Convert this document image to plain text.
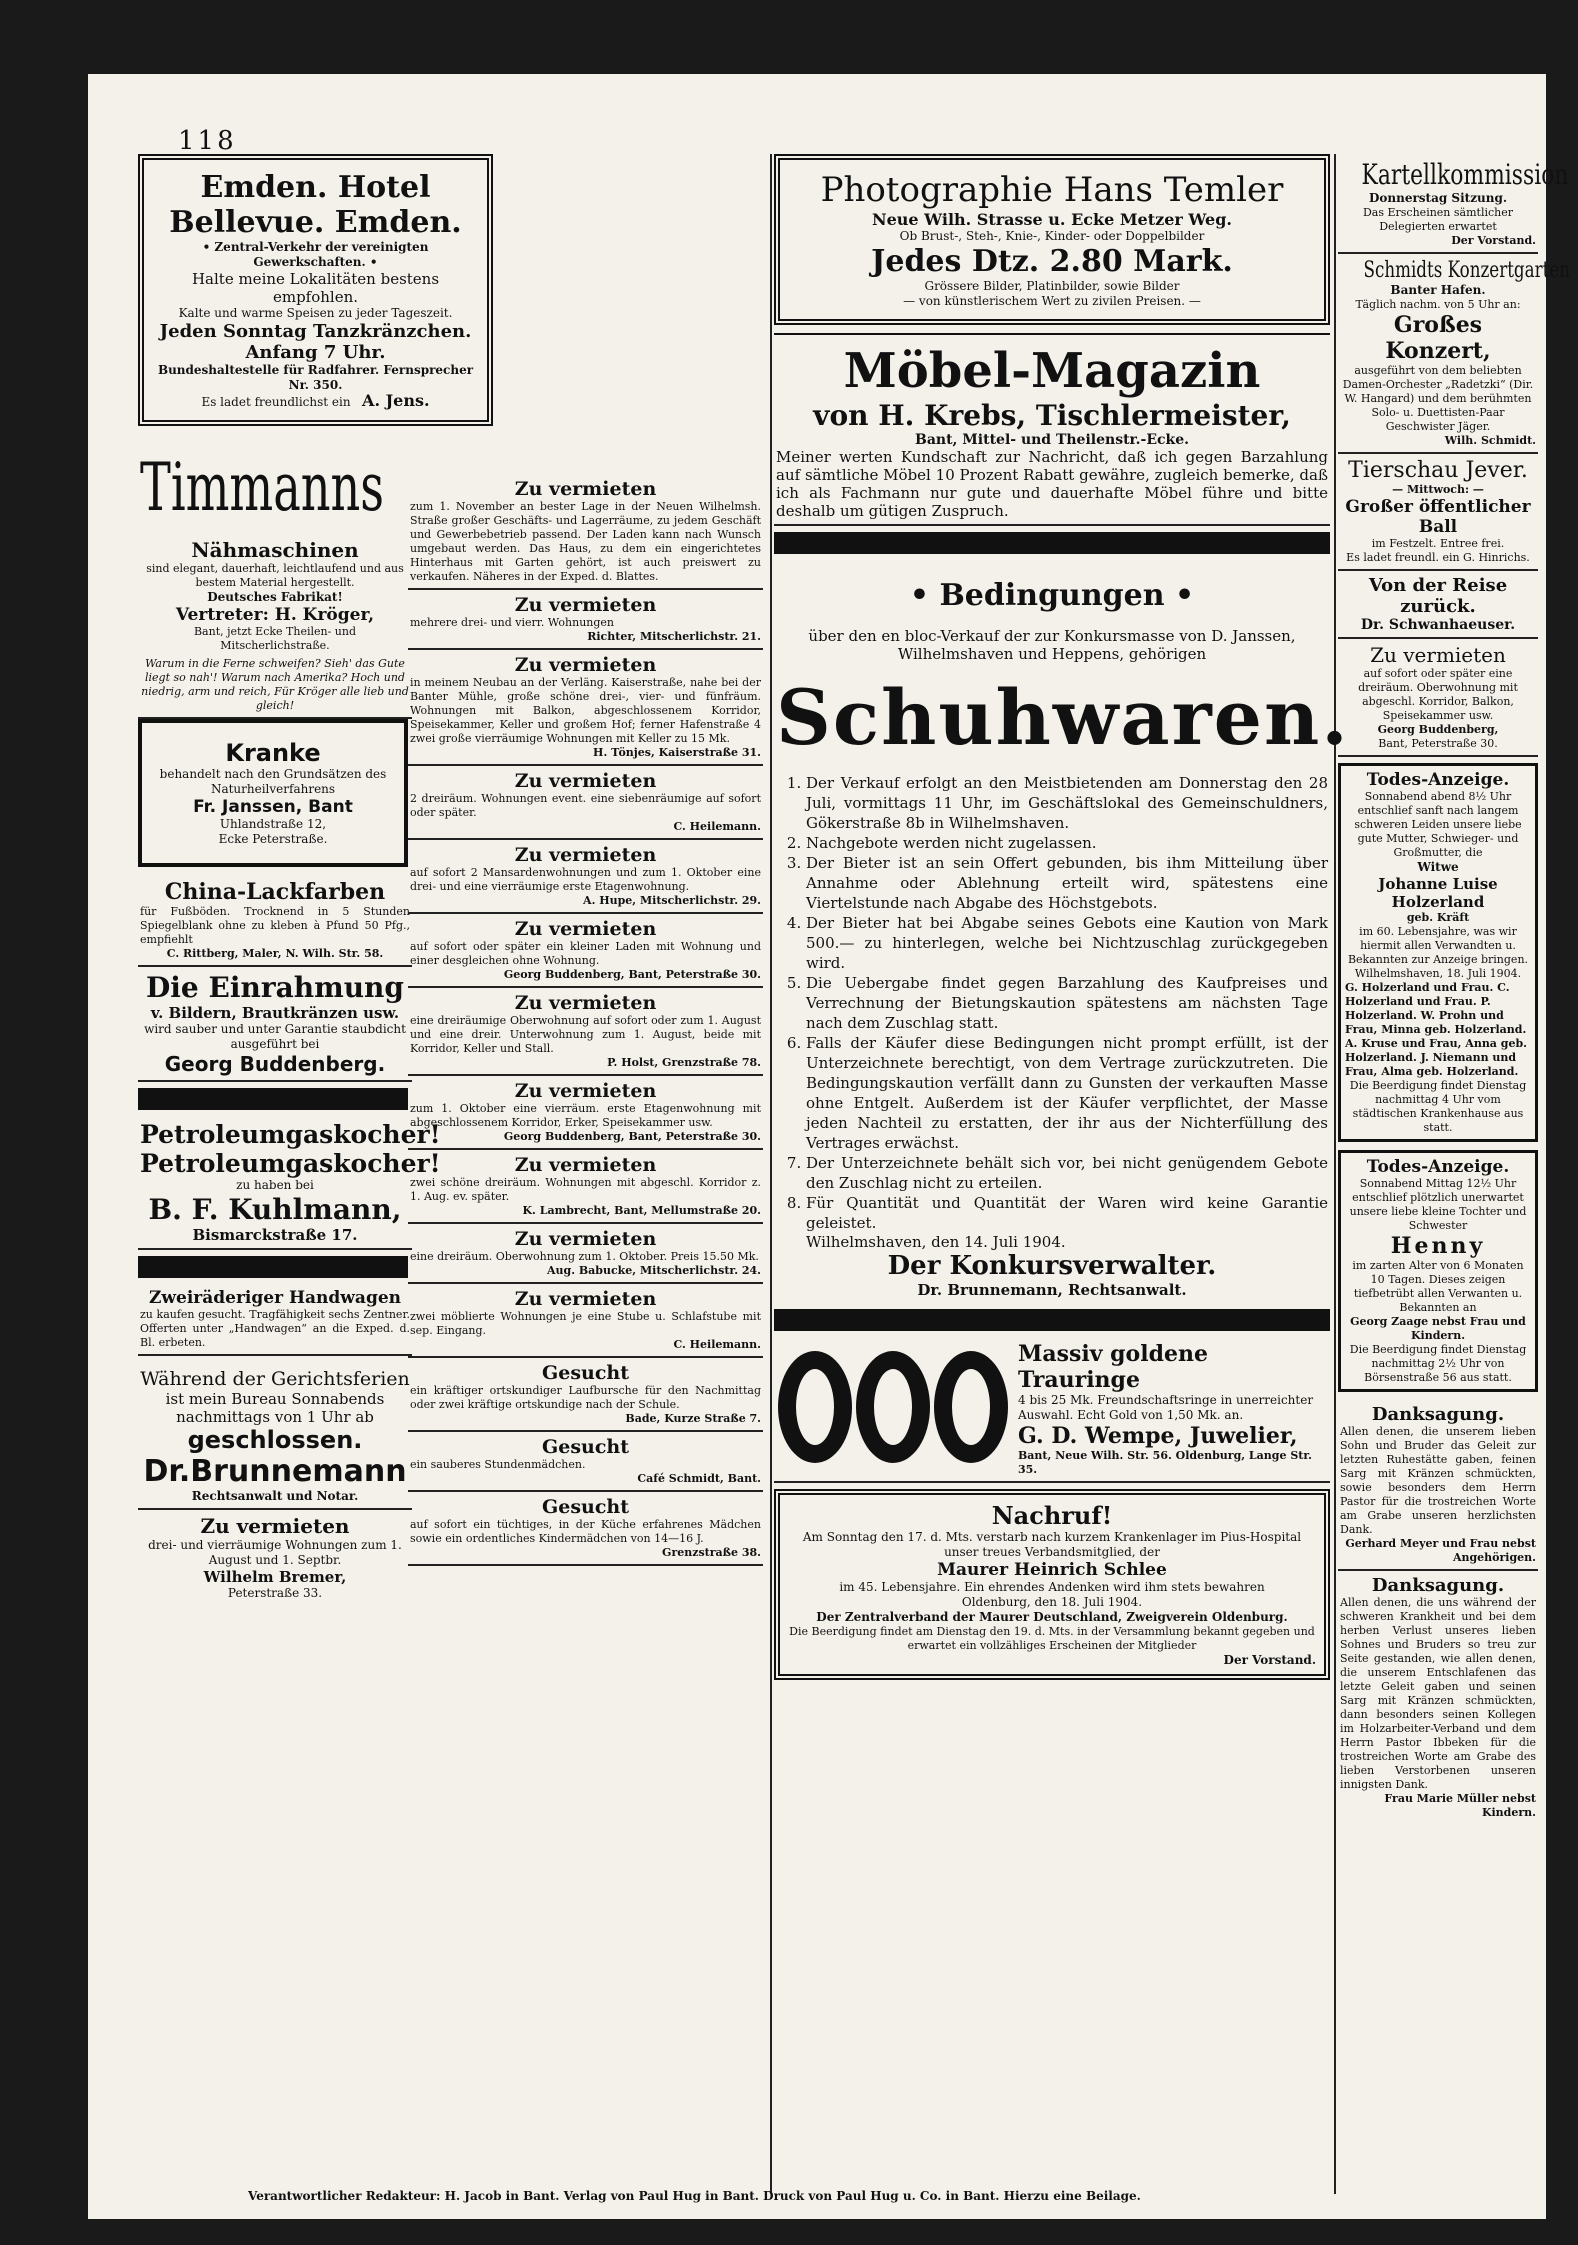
118
Emden. Hotel Bellevue. Emden.
• Zentral-Verkehr der vereinigten Gewerkschaften. •
Halte meine Lokalitäten bestens empfohlen.
Kalte und warme Speisen zu jeder Tageszeit.
Jeden Sonntag Tanzkränzchen. Anfang 7 Uhr.
Bundeshaltestelle für Radfahrer. Fernsprecher Nr. 350.
Es ladet freundlichst ein A. Jens.
Timmanns
Nähmaschinen
sind elegant, dauerhaft, leichtlaufend und aus bestem Material hergestellt.
Deutsches Fabrikat!
Vertreter: H. Kröger,
Bant, jetzt Ecke Theilen- und Mitscherlichstraße.
Warum in die Ferne schweifen? Sieh' das Gute liegt so nah'! Warum nach Amerika? Hoch und niedrig, arm und reich, Für Kröger alle lieb und gleich!
Kranke
behandelt nach den Grundsätzen des Naturheilverfahrens
Fr. Janssen, Bant
Uhlandstraße 12,
Ecke Peterstraße.
China-Lackfarben
für Fußböden. Trocknend in 5 Stunden Spiegelblank ohne zu kleben à Pfund 50 Pfg., empfiehlt
C. Rittberg, Maler, N. Wilh. Str. 58.
Die Einrahmung
v. Bildern, Brautkränzen usw.
wird sauber und unter Garantie staubdicht ausgeführt bei
Georg Buddenberg.
Petroleumgaskocher!
Petroleumgaskocher!
zu haben bei
B. F. Kuhlmann,
Bismarckstraße 17.
Zweiräderiger Handwagen
zu kaufen gesucht. Tragfähigkeit sechs Zentner. Offerten unter „Handwagen“ an die Exped. d. Bl. erbeten.
Während der Gerichtsferien
ist mein Bureau Sonnabends nachmittags von 1 Uhr ab
geschlossen.
Dr.Brunnemann
Rechtsanwalt und Notar.
Zu vermieten
drei- und vierräumige Wohnungen zum 1. August und 1. Septbr.
Wilhelm Bremer,
Peterstraße 33.
Zu vermieten
zum 1. November an bester Lage in der Neuen Wilhelmsh. Straße großer Geschäfts- und Lagerräume, zu jedem Geschäft und Gewerbebetrieb passend. Der Laden kann nach Wunsch umgebaut werden. Das Haus, zu dem ein eingerichtetes Hinterhaus mit Garten gehört, ist auch preiswert zu verkaufen. Näheres in der Exped. d. Blattes.
Zu vermieten
mehrere drei- und vierr. Wohnungen
Richter, Mitscherlichstr. 21.
Zu vermieten
in meinem Neubau an der Verläng. Kaiserstraße, nahe bei der Banter Mühle, große schöne drei-, vier- und fünfräum. Wohnungen mit Balkon, abgeschlossenem Korridor, Speisekammer, Keller und großem Hof; ferner Hafenstraße 4 zwei große vierräumige Wohnungen mit Keller zu 15 Mk.
H. Tönjes, Kaiserstraße 31.
Zu vermieten
2 dreiräum. Wohnungen event. eine siebenräumige auf sofort oder später.
C. Heilemann.
Zu vermieten
auf sofort 2 Mansardenwohnungen und zum 1. Oktober eine drei- und eine vierräumige erste Etagenwohnung.
A. Hupe, Mitscherlichstr. 29.
Zu vermieten
auf sofort oder später ein kleiner Laden mit Wohnung und einer desgleichen ohne Wohnung.
Georg Buddenberg, Bant, Peterstraße 30.
Zu vermieten
eine dreiräumige Oberwohnung auf sofort oder zum 1. August und eine dreir. Unterwohnung zum 1. August, beide mit Korridor, Keller und Stall.
P. Holst, Grenzstraße 78.
Zu vermieten
zum 1. Oktober eine vierräum. erste Etagenwohnung mit abgeschlossenem Korridor, Erker, Speisekammer usw.
Georg Buddenberg, Bant, Peterstraße 30.
Zu vermieten
zwei schöne dreiräum. Wohnungen mit abgeschl. Korridor z. 1. Aug. ev. später.
K. Lambrecht, Bant, Mellumstraße 20.
Zu vermieten
eine dreiräum. Oberwohnung zum 1. Oktober. Preis 15.50 Mk.
Aug. Babucke, Mitscherlichstr. 24.
Zu vermieten
zwei möblierte Wohnungen je eine Stube u. Schlafstube mit sep. Eingang.
C. Heilemann.
Gesucht
ein kräftiger ortskundiger Laufbursche für den Nachmittag oder zwei kräftige ortskundige nach der Schule.
Bade, Kurze Straße 7.
Gesucht
ein sauberes Stundenmädchen.
Café Schmidt, Bant.
Gesucht
auf sofort ein tüchtiges, in der Küche erfahrenes Mädchen sowie ein ordentliches Kindermädchen von 14—16 J.
Grenzstraße 38.
Photographie Hans Temler
Neue Wilh. Strasse u. Ecke Metzer Weg.
Ob Brust-, Steh-, Knie-, Kinder- oder Doppelbilder
Jedes Dtz. 2.80 Mark.
Grössere Bilder, Platinbilder, sowie Bilder
— von künstlerischem Wert zu zivilen Preisen. —
Möbel-Magazin
von H. Krebs, Tischlermeister,
Bant, Mittel- und Theilenstr.-Ecke.
Meiner werten Kundschaft zur Nachricht, daß ich gegen Barzahlung auf sämtliche Möbel 10 Prozent Rabatt gewähre, zugleich bemerke, daß ich als Fachmann nur gute und dauerhafte Möbel führe und bitte deshalb um gütigen Zuspruch.
• Bedingungen •
über den en bloc-Verkauf der zur Konkursmasse von D. Janssen, Wilhelmshaven und Heppens, gehörigen
Schuhwaren.
1. Der Verkauf erfolgt an den Meistbietenden am Donnerstag den 28 Juli, vormittags 11 Uhr, im Geschäftslokal des Gemeinschuldners, Gökerstraße 8b in Wilhelmshaven.
2. Nachgebote werden nicht zugelassen.
3. Der Bieter ist an sein Offert gebunden, bis ihm Mitteilung über Annahme oder Ablehnung erteilt wird, spätestens eine Viertelstunde nach Abgabe des Höchstgebots.
4. Der Bieter hat bei Abgabe seines Gebots eine Kaution von Mark 500.— zu hinterlegen, welche bei Nichtzuschlag zurückgegeben wird.
5. Die Uebergabe findet gegen Barzahlung des Kaufpreises und Verrechnung der Bietungskaution spätestens am nächsten Tage nach dem Zuschlag statt.
6. Falls der Käufer diese Bedingungen nicht prompt erfüllt, ist der Unterzeichnete berechtigt, von dem Vertrage zurückzutreten. Die Bedingungskaution verfällt dann zu Gunsten der verkauften Masse ohne Entgelt. Außerdem ist der Käufer verpflichtet, der Masse jeden Nachteil zu erstatten, der ihr aus der Nichterfüllung des Vertrages erwächst.
7. Der Unterzeichnete behält sich vor, bei nicht genügendem Gebote den Zuschlag nicht zu erteilen.
8. Für Quantität und Quantität der Waren wird keine Garantie geleistet.
Wilhelmshaven, den 14. Juli 1904.
Der Konkursverwalter.
Dr. Brunnemann, Rechtsanwalt.
Massiv goldene Trauringe
4 bis 25 Mk. Freundschaftsringe in unerreichter Auswahl. Echt Gold von 1,50 Mk. an.
G. D. Wempe, Juwelier,
Bant, Neue Wilh. Str. 56. Oldenburg, Lange Str. 35.
Nachruf!
Am Sonntag den 17. d. Mts. verstarb nach kurzem Krankenlager im Pius-Hospital unser treues Verbandsmitglied, der
Maurer Heinrich Schlee
im 45. Lebensjahre. Ein ehrendes Andenken wird ihm stets bewahren
Oldenburg, den 18. Juli 1904.
Der Zentralverband der Maurer Deutschland, Zweigverein Oldenburg.
Die Beerdigung findet am Dienstag den 19. d. Mts. in der Versammlung bekannt gegeben und erwartet ein vollzähliges Erscheinen der Mitglieder
Der Vorstand.
Kartellkommission
Donnerstag Sitzung.
Das Erscheinen sämtlicher Delegierten erwartet
Der Vorstand.
Schmidts Konzertgarten
Banter Hafen.
Täglich nachm. von 5 Uhr an:
Großes Konzert,
ausgeführt von dem beliebten Damen-Orchester „Radetzki“ (Dir. W. Hangard) und dem berühmten Solo- u. Duettisten-Paar Geschwister Jäger.
Wilh. Schmidt.
Tierschau Jever.
— Mittwoch: —
Großer öffentlicher Ball
im Festzelt. Entree frei.
Es ladet freundl. ein G. Hinrichs.
Von der Reise zurück.
Dr. Schwanhaeuser.
Zu vermieten
auf sofort oder später eine dreiräum. Oberwohnung mit abgeschl. Korridor, Balkon, Speisekammer usw.
Georg Buddenberg,
Bant, Peterstraße 30.
Todes-Anzeige.
Sonnabend abend 8½ Uhr entschlief sanft nach langem schweren Leiden unsere liebe gute Mutter, Schwieger- und Großmutter, die
Witwe
Johanne Luise Holzerland
geb. Kräft
im 60. Lebensjahre, was wir hiermit allen Verwandten u. Bekannten zur Anzeige bringen.
Wilhelmshaven, 18. Juli 1904.
G. Holzerland und Frau. C. Holzerland und Frau. P. Holzerland. W. Prohn und Frau, Minna geb. Holzerland. A. Kruse und Frau, Anna geb. Holzerland. J. Niemann und Frau, Alma geb. Holzerland.
Die Beerdigung findet Dienstag nachmittag 4 Uhr vom städtischen Krankenhause aus statt.
Todes-Anzeige.
Sonnabend Mittag 12½ Uhr entschlief plötzlich unerwartet unsere liebe kleine Tochter und Schwester
Henny
im zarten Alter von 6 Monaten 10 Tagen. Dieses zeigen tiefbetrübt allen Verwanten u. Bekannten an
Georg Zaage nebst Frau und Kindern.
Die Beerdigung findet Dienstag nachmittag 2½ Uhr von Börsenstraße 56 aus statt.
Danksagung.
Allen denen, die unserem lieben Sohn und Bruder das Geleit zur letzten Ruhestätte gaben, feinen Sarg mit Kränzen schmückten, sowie besonders dem Herrn Pastor für die trostreichen Worte am Grabe unseren herzlichsten Dank.
Gerhard Meyer und Frau nebst Angehörigen.
Danksagung.
Allen denen, die uns während der schweren Krankheit und bei dem herben Verlust unseres lieben Sohnes und Bruders so treu zur Seite gestanden, wie allen denen, die unserem Entschlafenen das letzte Geleit gaben und seinen Sarg mit Kränzen schmückten, dann besonders seinen Kollegen im Holzarbeiter-Verband und dem Herrn Pastor Ibbeken für die trostreichen Worte am Grabe des lieben Verstorbenen unseren innigsten Dank.
Frau Marie Müller nebst Kindern.
Verantwortlicher Redakteur: H. Jacob in Bant. Verlag von Paul Hug in Bant. Druck von Paul Hug u. Co. in Bant. Hierzu eine Beilage.
